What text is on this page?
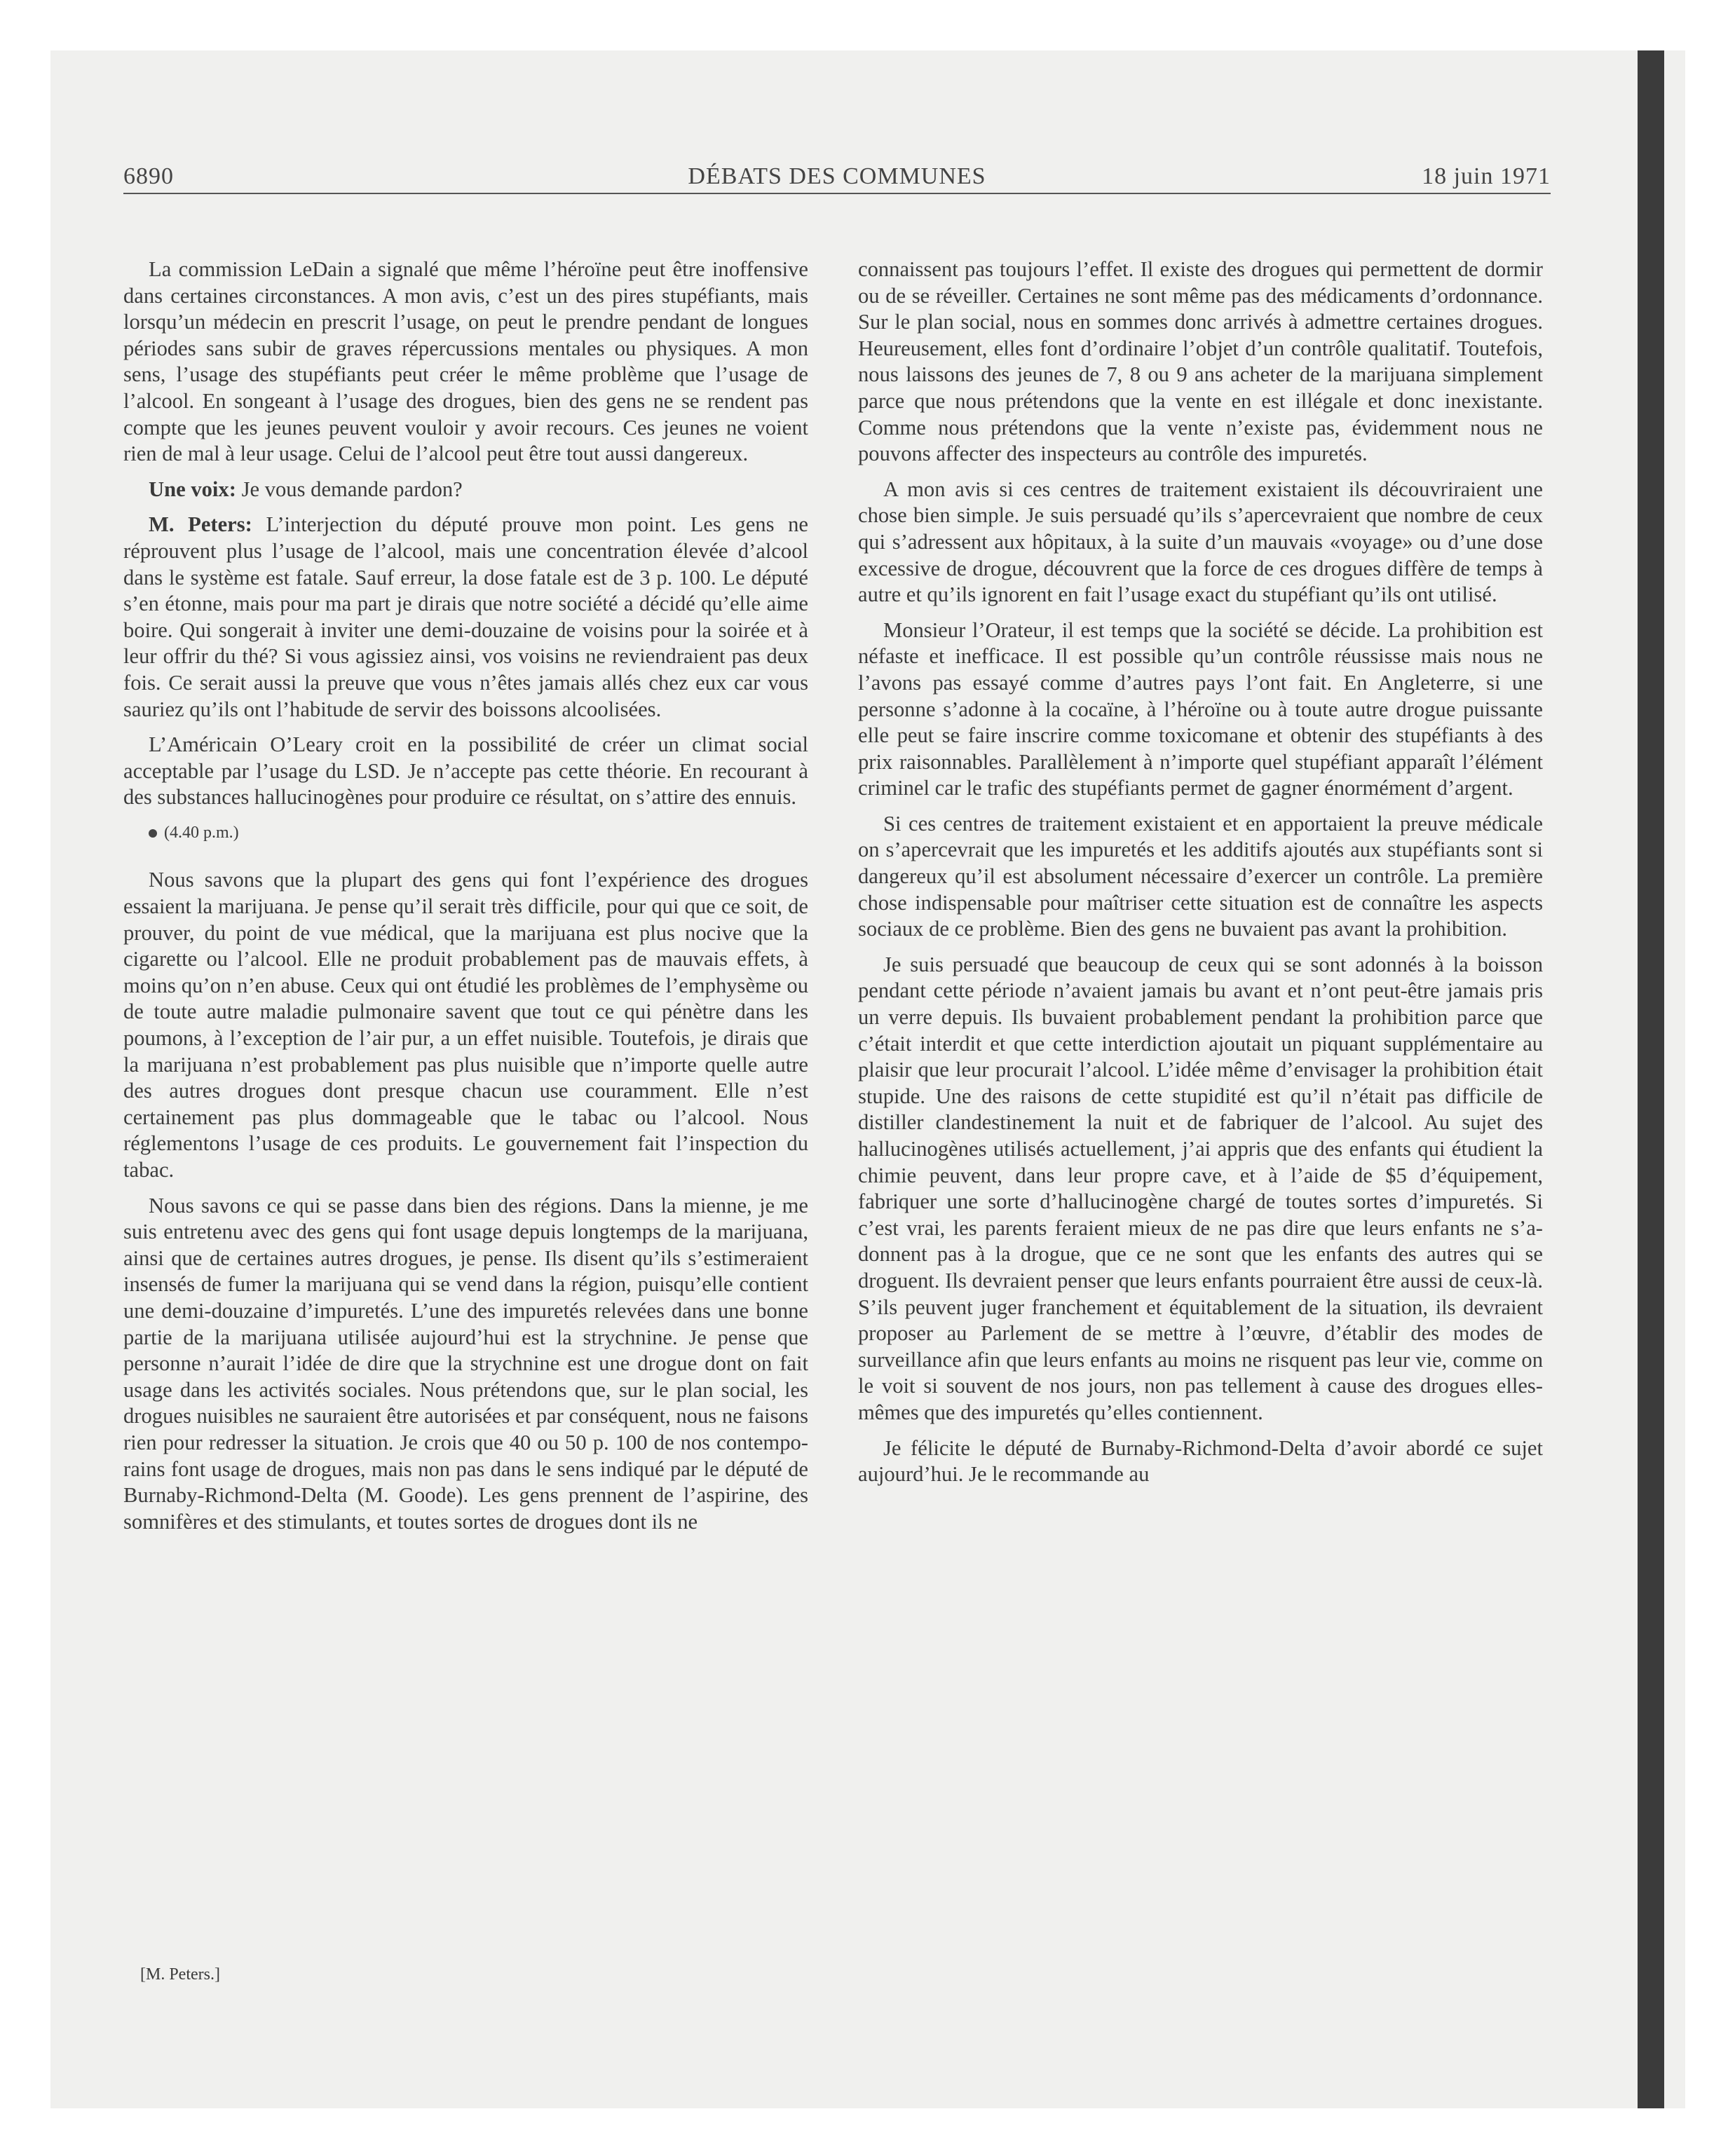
6890	DÉBATS DES COMMUNES	18 juin 1971

La commission LeDain a signalé que même l’héroïne peut être inoffensive dans certaines circonstances. A mon avis, c’est un des pires stupéfiants, mais lorsqu’un médecin en prescrit l’usage, on peut le prendre pendant de longues périodes sans subir de graves répercussions mentales ou physiques. A mon sens, l’usage des stupéfiants peut créer le même problème que l’usage de l’alcool. En songeant à l’usage des drogues, bien des gens ne se rendent pas compte que les jeunes peuvent vouloir y avoir recours. Ces jeunes ne voient rien de mal à leur usage. Celui de l’alcool peut être tout aussi dangereux.

Une voix: Je vous demande pardon?

M. Peters: L’interjection du député prouve mon point. Les gens ne réprouvent plus l’usage de l’alcool, mais une concentration élevée d’alcool dans le système est fatale. Sauf erreur, la dose fatale est de 3 p. 100. Le député s’en étonne, mais pour ma part je dirais que notre société a décidé qu’elle aime boire. Qui songerait à inviter une demi-douzaine de voisins pour la soirée et à leur offrir du thé? Si vous agissiez ainsi, vos voisins ne reviendraient pas deux fois. Ce serait aussi la preuve que vous n’êtes jamais allés chez eux car vous sauriez qu’ils ont l’habitude de servir des boissons alcoolisées.

L’Américain O’Leary croit en la possibilité de créer un climat social acceptable par l’usage du LSD. Je n’accepte pas cette théorie. En recourant à des substances hallucinogènes pour produire ce résultat, on s’attire des ennuis.

(4.40 p.m.)

Nous savons que la plupart des gens qui font l’expérience des drogues essaient la marijuana. Je pense qu’il serait très difficile, pour qui que ce soit, de prouver, du point de vue médical, que la marijuana est plus nocive que la cigarette ou l’alcool. Elle ne produit probablement pas de mauvais effets, à moins qu’on n’en abuse. Ceux qui ont étudié les problèmes de l’emphysème ou de toute autre maladie pulmonaire savent que tout ce qui pénètre dans les poumons, à l’exception de l’air pur, a un effet nuisible. Toutefois, je dirais que la marijuana n’est probablement pas plus nuisible que n’importe quelle autre des autres drogues dont presque chacun use couramment. Elle n’est certainement pas plus dommageable que le tabac ou l’alcool. Nous réglementons l’usage de ces produits. Le gouvernement fait l’inspection du tabac.

Nous savons ce qui se passe dans bien des régions. Dans la mienne, je me suis entretenu avec des gens qui font usage depuis longtemps de la marijuana, ainsi que de certaines autres drogues, je pense. Ils disent qu’ils s’estimeraient insensés de fumer la marijuana qui se vend dans la région, puisqu’elle contient une demi-douzaine d’impuretés. L’une des impuretés relevées dans une bonne partie de la marijuana utilisée aujourd’hui est la strychnine. Je pense que personne n’aurait l’idée de dire que la strychnine est une drogue dont on fait usage dans les activités sociales. Nous prétendons que, sur le plan social, les drogues nuisibles ne sauraient être autorisées et par conséquent, nous ne faisons rien pour redresser la situation. Je crois que 40 ou 50 p. 100 de nos contemporains font usage de drogues, mais non pas dans le sens indiqué par le député de Burnaby-Richmond-Delta (M. Goode). Les gens prennent de l’aspirine, des somnifères et des stimulants, et toutes sortes de drogues dont ils ne

[M. Peters.]

connaissent pas toujours l’effet. Il existe des drogues qui permettent de dormir ou de se réveiller. Certaines ne sont même pas des médicaments d’ordonnance. Sur le plan social, nous en sommes donc arrivés à admettre certaines drogues. Heureusement, elles font d’ordinaire l’objet d’un contrôle qualitatif. Toutefois, nous laissons des jeunes de 7, 8 ou 9 ans acheter de la marijuana simplement parce que nous prétendons que la vente en est illégale et donc inexistante. Comme nous prétendons que la vente n’existe pas, évidemment nous ne pouvons affecter des inspecteurs au contrôle des impuretés.

A mon avis si ces centres de traitement existaient ils découvriraient une chose bien simple. Je suis persuadé qu’ils s’apercevraient que nombre de ceux qui s’adressent aux hôpitaux, à la suite d’un mauvais «voyage» ou d’une dose excessive de drogue, découvrent que la force de ces drogues diffère de temps à autre et qu’ils ignorent en fait l’usage exact du stupéfiant qu’ils ont utilisé.

Monsieur l’Orateur, il est temps que la société se décide. La prohibition est néfaste et inefficace. Il est possible qu’un contrôle réussisse mais nous ne l’avons pas essayé comme d’autres pays l’ont fait. En Angleterre, si une personne s’adonne à la cocaïne, à l’héroïne ou à toute autre drogue puissante elle peut se faire inscrire comme toxicomane et obtenir des stupéfiants à des prix raisonnables. Parallèlement à n’importe quel stupéfiant apparaît l’élément criminel car le trafic des stupéfiants permet de gagner énormément d’argent.

Si ces centres de traitement existaient et en apportaient la preuve médicale on s’apercevrait que les impuretés et les additifs ajoutés aux stupéfiants sont si dangereux qu’il est absolument nécessaire d’exercer un contrôle. La première chose indispensable pour maîtriser cette situation est de connaître les aspects sociaux de ce problème. Bien des gens ne buvaient pas avant la prohibition.

Je suis persuadé que beaucoup de ceux qui se sont adonnés à la boisson pendant cette période n’avaient jamais bu avant et n’ont peut-être jamais pris un verre depuis. Ils buvaient probablement pendant la prohibition parce que c’était interdit et que cette interdiction ajoutait un piquant supplémentaire au plaisir que leur procurait l’alcool. L’idée même d’envisager la prohibition était stupide. Une des raisons de cette stupidité est qu’il n’était pas difficile de distiller clandestinement la nuit et de fabriquer de l’alcool. Au sujet des hallucinogènes utilisés actuellement, j’ai appris que des enfants qui étudient la chimie peuvent, dans leur propre cave, et à l’aide de $5 d’équipement, fabriquer une sorte d’hallucinogène chargé de toutes sortes d’impuretés. Si c’est vrai, les parents feraient mieux de ne pas dire que leurs enfants ne s’adonnent pas à la drogue, que ce ne sont que les enfants des autres qui se droguent. Ils devraient penser que leurs enfants pourraient être aussi de ceux-là. S’ils peuvent juger franchement et équitablement de la situation, ils devraient proposer au Parlement de se mettre à l’œuvre, d’établir des modes de surveillance afin que leurs enfants au moins ne risquent pas leur vie, comme on le voit si souvent de nos jours, non pas tellement à cause des drogues elles-mêmes que des impuretés qu’elles contiennent.

Je félicite le député de Burnaby-Richmond-Delta d’avoir abordé ce sujet aujourd’hui. Je le recommande au
